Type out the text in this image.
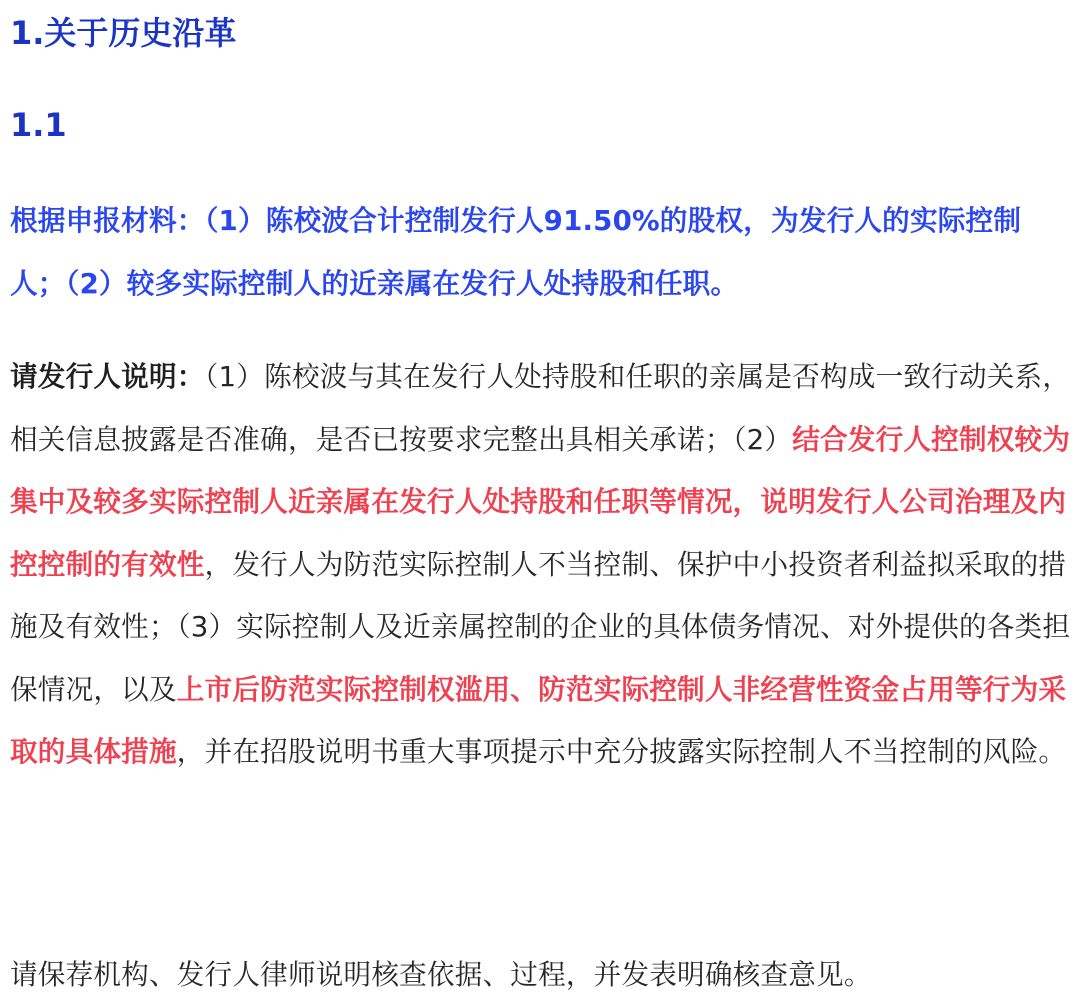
1.关于历史沿革
1.1

根据申报材料：（1）陈校波合计控制发行人91.50%的股权，为发行人的实际控制人；（2）较多实际控制人的近亲属在发行人处持股和任职。

请发行人说明：（1）陈校波与其在发行人处持股和任职的亲属是否构成一致行动关系，相关信息披露是否准确，是否已按要求完整出具相关承诺；（2）结合发行人控制权较为集中及较多实际控制人近亲属在发行人处持股和任职等情况，说明发行人公司治理及内控控制的有效性，发行人为防范实际控制人不当控制、保护中小投资者利益拟采取的措施及有效性；（3）实际控制人及近亲属控制的企业的具体债务情况、对外提供的各类担保情况，以及上市后防范实际控制权滥用、防范实际控制人非经营性资金占用等行为采取的具体措施，并在招股说明书重大事项提示中充分披露实际控制人不当控制的风险。

请保荐机构、发行人律师说明核查依据、过程，并发表明确核查意见。
